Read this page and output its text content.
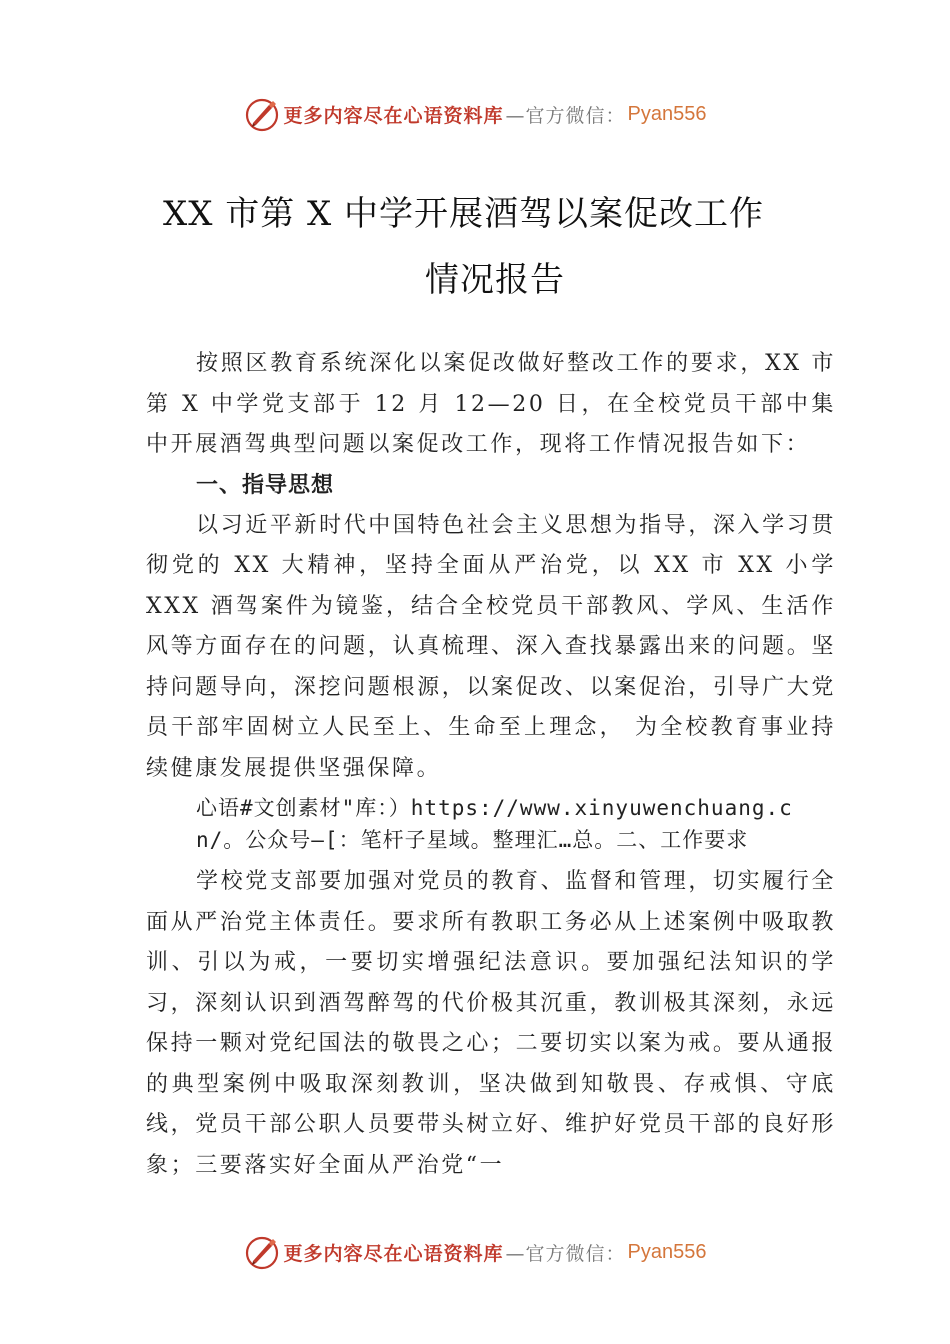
更多内容尽在心语资料库 —官方微信： Pyan556
XX 市第 X 中学开展酒驾以案促改工作
情况报告

按照区教育系统深化以案促改做好整改工作的要求，XX 市第 X 中学党支部于 12 月 12—20 日，在全校党员干部中集中开展酒驾典型问题以案促改工作，现将工作情况报告如下：

一、指导思想

以习近平新时代中国特色社会主义思想为指导，深入学习贯彻党的 XX 大精神，坚持全面从严治党，以 XX 市 XX 小学 XXX 酒驾案件为镜鉴，结合全校党员干部教风、学风、生活作风等方面存在的问题，认真梳理、深入查找暴露出来的问题。坚持问题导向，深挖问题根源，以案促改、以案促治，引导广大党员干部牢固树立人民至上、生命至上理念， 为全校教育事业持续健康发展提供坚强保障。

心语#文创素材"库：）https://www.xinyuwenchuang.cn/。公众号—[：笔杆子星域。整理汇…总。二、工作要求

学校党支部要加强对党员的教育、监督和管理，切实履行全面从严治党主体责任。要求所有教职工务必从上述案例中吸取教训、引以为戒，一要切实增强纪法意识。要加强纪法知识的学习，深刻认识到酒驾醉驾的代价极其沉重，教训极其深刻，永远保持一颗对党纪国法的敬畏之心；二要切实以案为戒。要从通报的典型案例中吸取深刻教训，坚决做到知敬畏、存戒惧、守底线，党员干部公职人员要带头树立好、维护好党员干部的良好形象；三要落实好全面从严治党“一

更多内容尽在心语资料库 —官方微信： Pyan556
